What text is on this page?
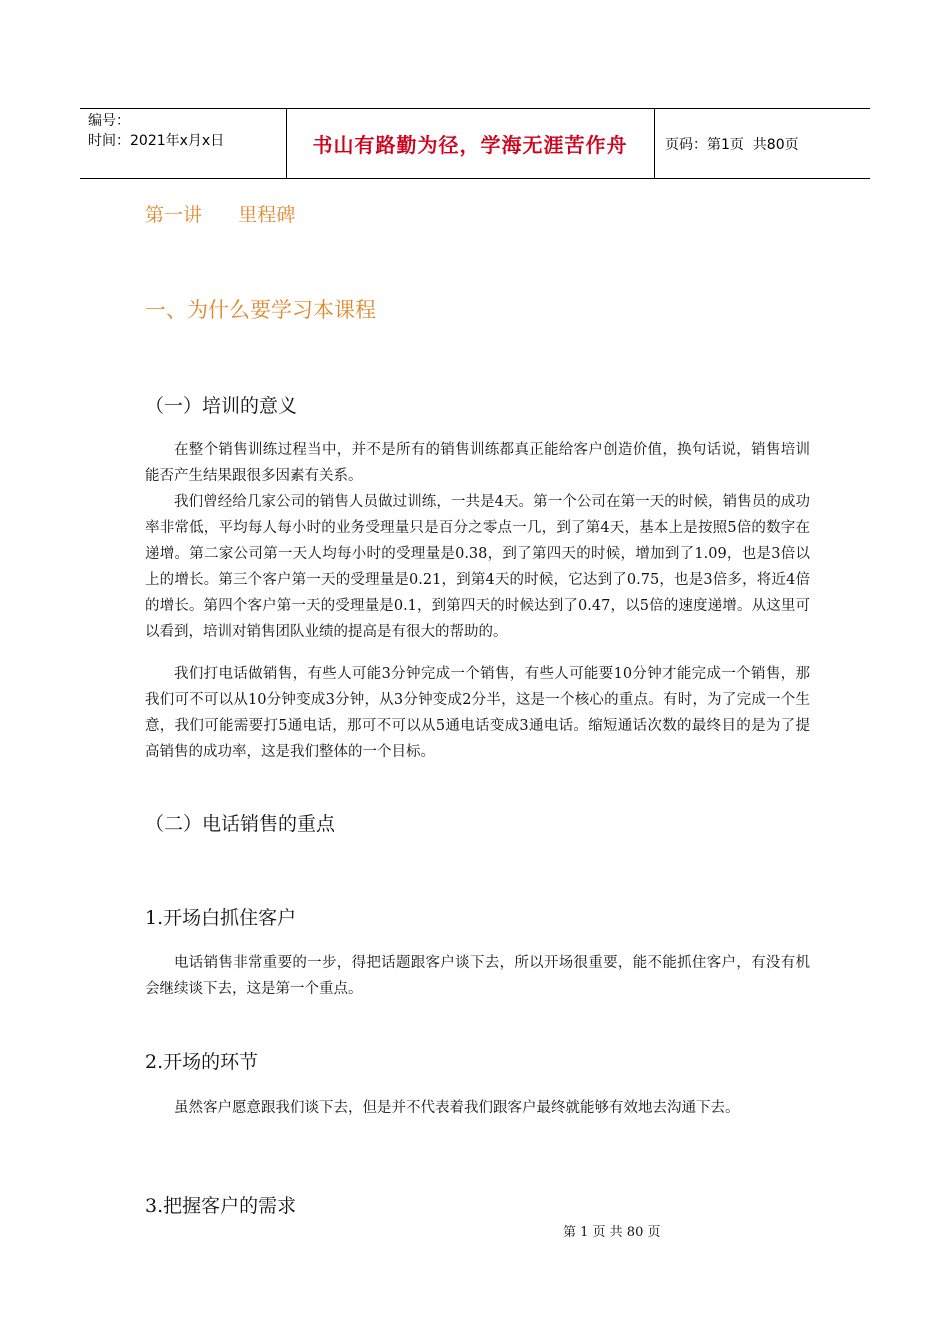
编号：
时间：2021年x月x日	书山有路勤为径，学海无涯苦作舟	页码：第1页  共80页
第一讲      里程碑
一、为什么要学习本课程
（一）培训的意义
在整个销售训练过程当中，并不是所有的销售训练都真正能给客户创造价值，换句话说，销售培训能否产生结果跟很多因素有关系。
我们曾经给几家公司的销售人员做过训练，一共是4天。第一个公司在第一天的时候，销售员的成功率非常低，平均每人每小时的业务受理量只是百分之零点一几，到了第4天，基本上是按照5倍的数字在递增。第二家公司第一天人均每小时的受理量是0.38，到了第四天的时候，增加到了1.09，也是3倍以上的增长。第三个客户第一天的受理量是0.21，到第4天的时候，它达到了0.75，也是3倍多，将近4倍的增长。第四个客户第一天的受理量是0.1，到第四天的时候达到了0.47，以5倍的速度递增。从这里可以看到，培训对销售团队业绩的提高是有很大的帮助的。
我们打电话做销售，有些人可能3分钟完成一个销售，有些人可能要10分钟才能完成一个销售，那我们可不可以从10分钟变成3分钟，从3分钟变成2分半，这是一个核心的重点。有时，为了完成一个生意，我们可能需要打5通电话，那可不可以从5通电话变成3通电话。缩短通话次数的最终目的是为了提高销售的成功率，这是我们整体的一个目标。
（二）电话销售的重点
1.开场白抓住客户
电话销售非常重要的一步，得把话题跟客户谈下去，所以开场很重要，能不能抓住客户，有没有机会继续谈下去，这是第一个重点。
2.开场的环节
虽然客户愿意跟我们谈下去，但是并不代表着我们跟客户最终就能够有效地去沟通下去。
3.把握客户的需求
第 1 页 共 80 页
